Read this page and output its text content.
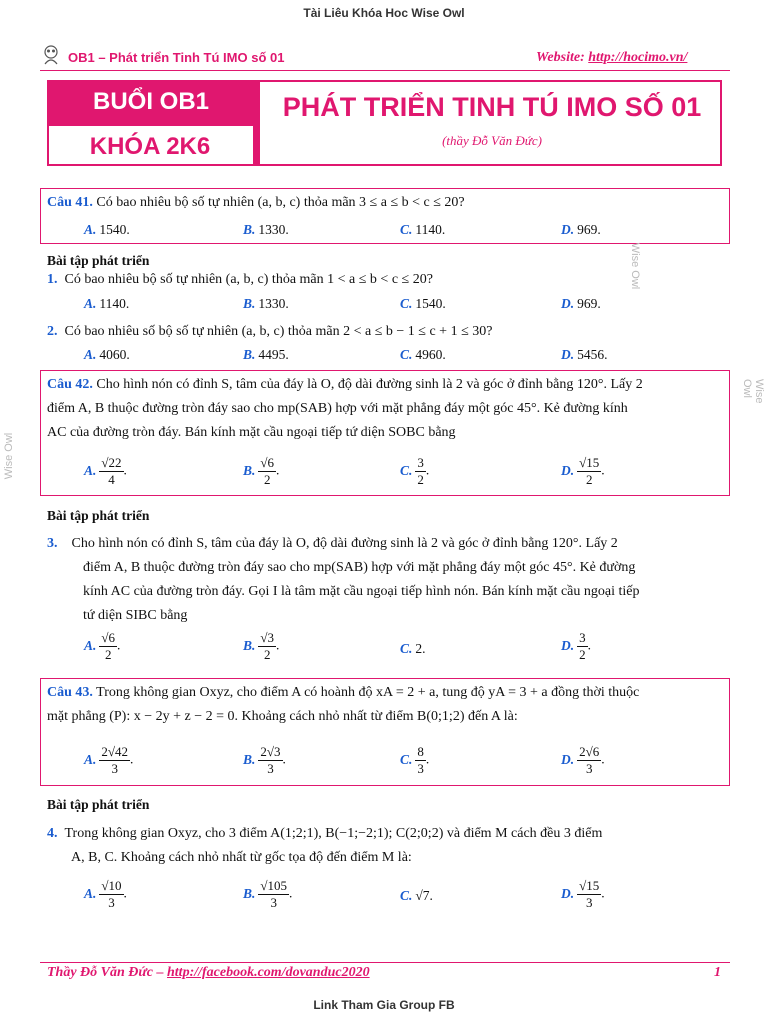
Tài Liêu Khóa Hoc Wise Owl
OB1 – Phát triển Tinh Tú IMO số 01	Website: http://hocimo.vn/
BUỔI OB1
KHÓA 2K6
PHÁT TRIỂN TINH TÚ IMO SỐ 01
(thầy Đỗ Văn Đức)
Câu 41. Có bao nhiêu bộ số tự nhiên (a, b, c) thỏa mãn 3 ≤ a ≤ b < c ≤ 20?
A. 1540.	B. 1330.	C. 1140.	D. 969.
Bài tập phát triển
1. Có bao nhiêu bộ số tự nhiên (a, b, c) thỏa mãn 1 < a ≤ b < c ≤ 20?
A. 1140.	B. 1330.	C. 1540.	D. 969.
2. Có bao nhiêu số bộ số tự nhiên (a, b, c) thỏa mãn 2 < a ≤ b − 1 ≤ c + 1 ≤ 30?
A. 4060.	B. 4495.	C. 4960.	D. 5456.
Câu 42. Cho hình nón có đỉnh S, tâm của đáy là O, độ dài đường sinh là 2 và góc ở đỉnh bằng 120°. Lấy 2
điểm A, B thuộc đường tròn đáy sao cho mp(SAB) hợp với mặt phẳng đáy một góc 45°. Kẻ đường kính
AC của đường tròn đáy. Bán kính mặt cầu ngoại tiếp tứ diện SOBC bằng
A. $\frac{√22}{4}$ .	B. $\frac{√6}{2}$ .	C. $\frac{3}{2}$ .	D. $\frac{√15}{2}$ .
Bài tập phát triển
3. Cho hình nón có đỉnh S, tâm của đáy là O, độ dài đường sinh là 2 và góc ở đỉnh bằng 120°. Lấy 2
điểm A, B thuộc đường tròn đáy sao cho mp(SAB) hợp với mặt phẳng đáy một góc 45°. Kẻ đường
kính AC của đường tròn đáy. Gọi I là tâm mặt cầu ngoại tiếp hình nón. Bán kính mặt cầu ngoại tiếp
tứ diện SIBC bằng
A. $\frac{√6}{2}$ .	B. $\frac{√3}{2}$ .	C. 2.	D. $\frac{3}{2}$ .
Câu 43. Trong không gian Oxyz, cho điểm A có hoành độ xA = 2 + a, tung độ yA = 3 + a đồng thời thuộc
mặt phẳng (P): x − 2y + z − 2 = 0. Khoảng cách nhỏ nhất từ điểm B(0;1;2) đến A là:
A. $\frac{2√42}{3}$ .	B. $\frac{2√3}{3}$ .	C. $\frac{8}{3}$ .	D. $\frac{2√6}{3}$ .
Bài tập phát triển
4. Trong không gian Oxyz, cho 3 điểm A(1;2;1), B(−1;−2;1); C(2;0;2) và điểm M cách đều 3 điểm
A, B, C. Khoảng cách nhỏ nhất từ gốc tọa độ đến điểm M là:
A. $\frac{√10}{3}$ .	B. $\frac{√105}{3}$ .	C. √7.	D. $\frac{√15}{3}$ .
Wise Owl
Wise Owl
Wise Owl
Thầy Đỗ Văn Đức – http://facebook.com/dovanduc2020	1
Link Tham Gia Group FB
